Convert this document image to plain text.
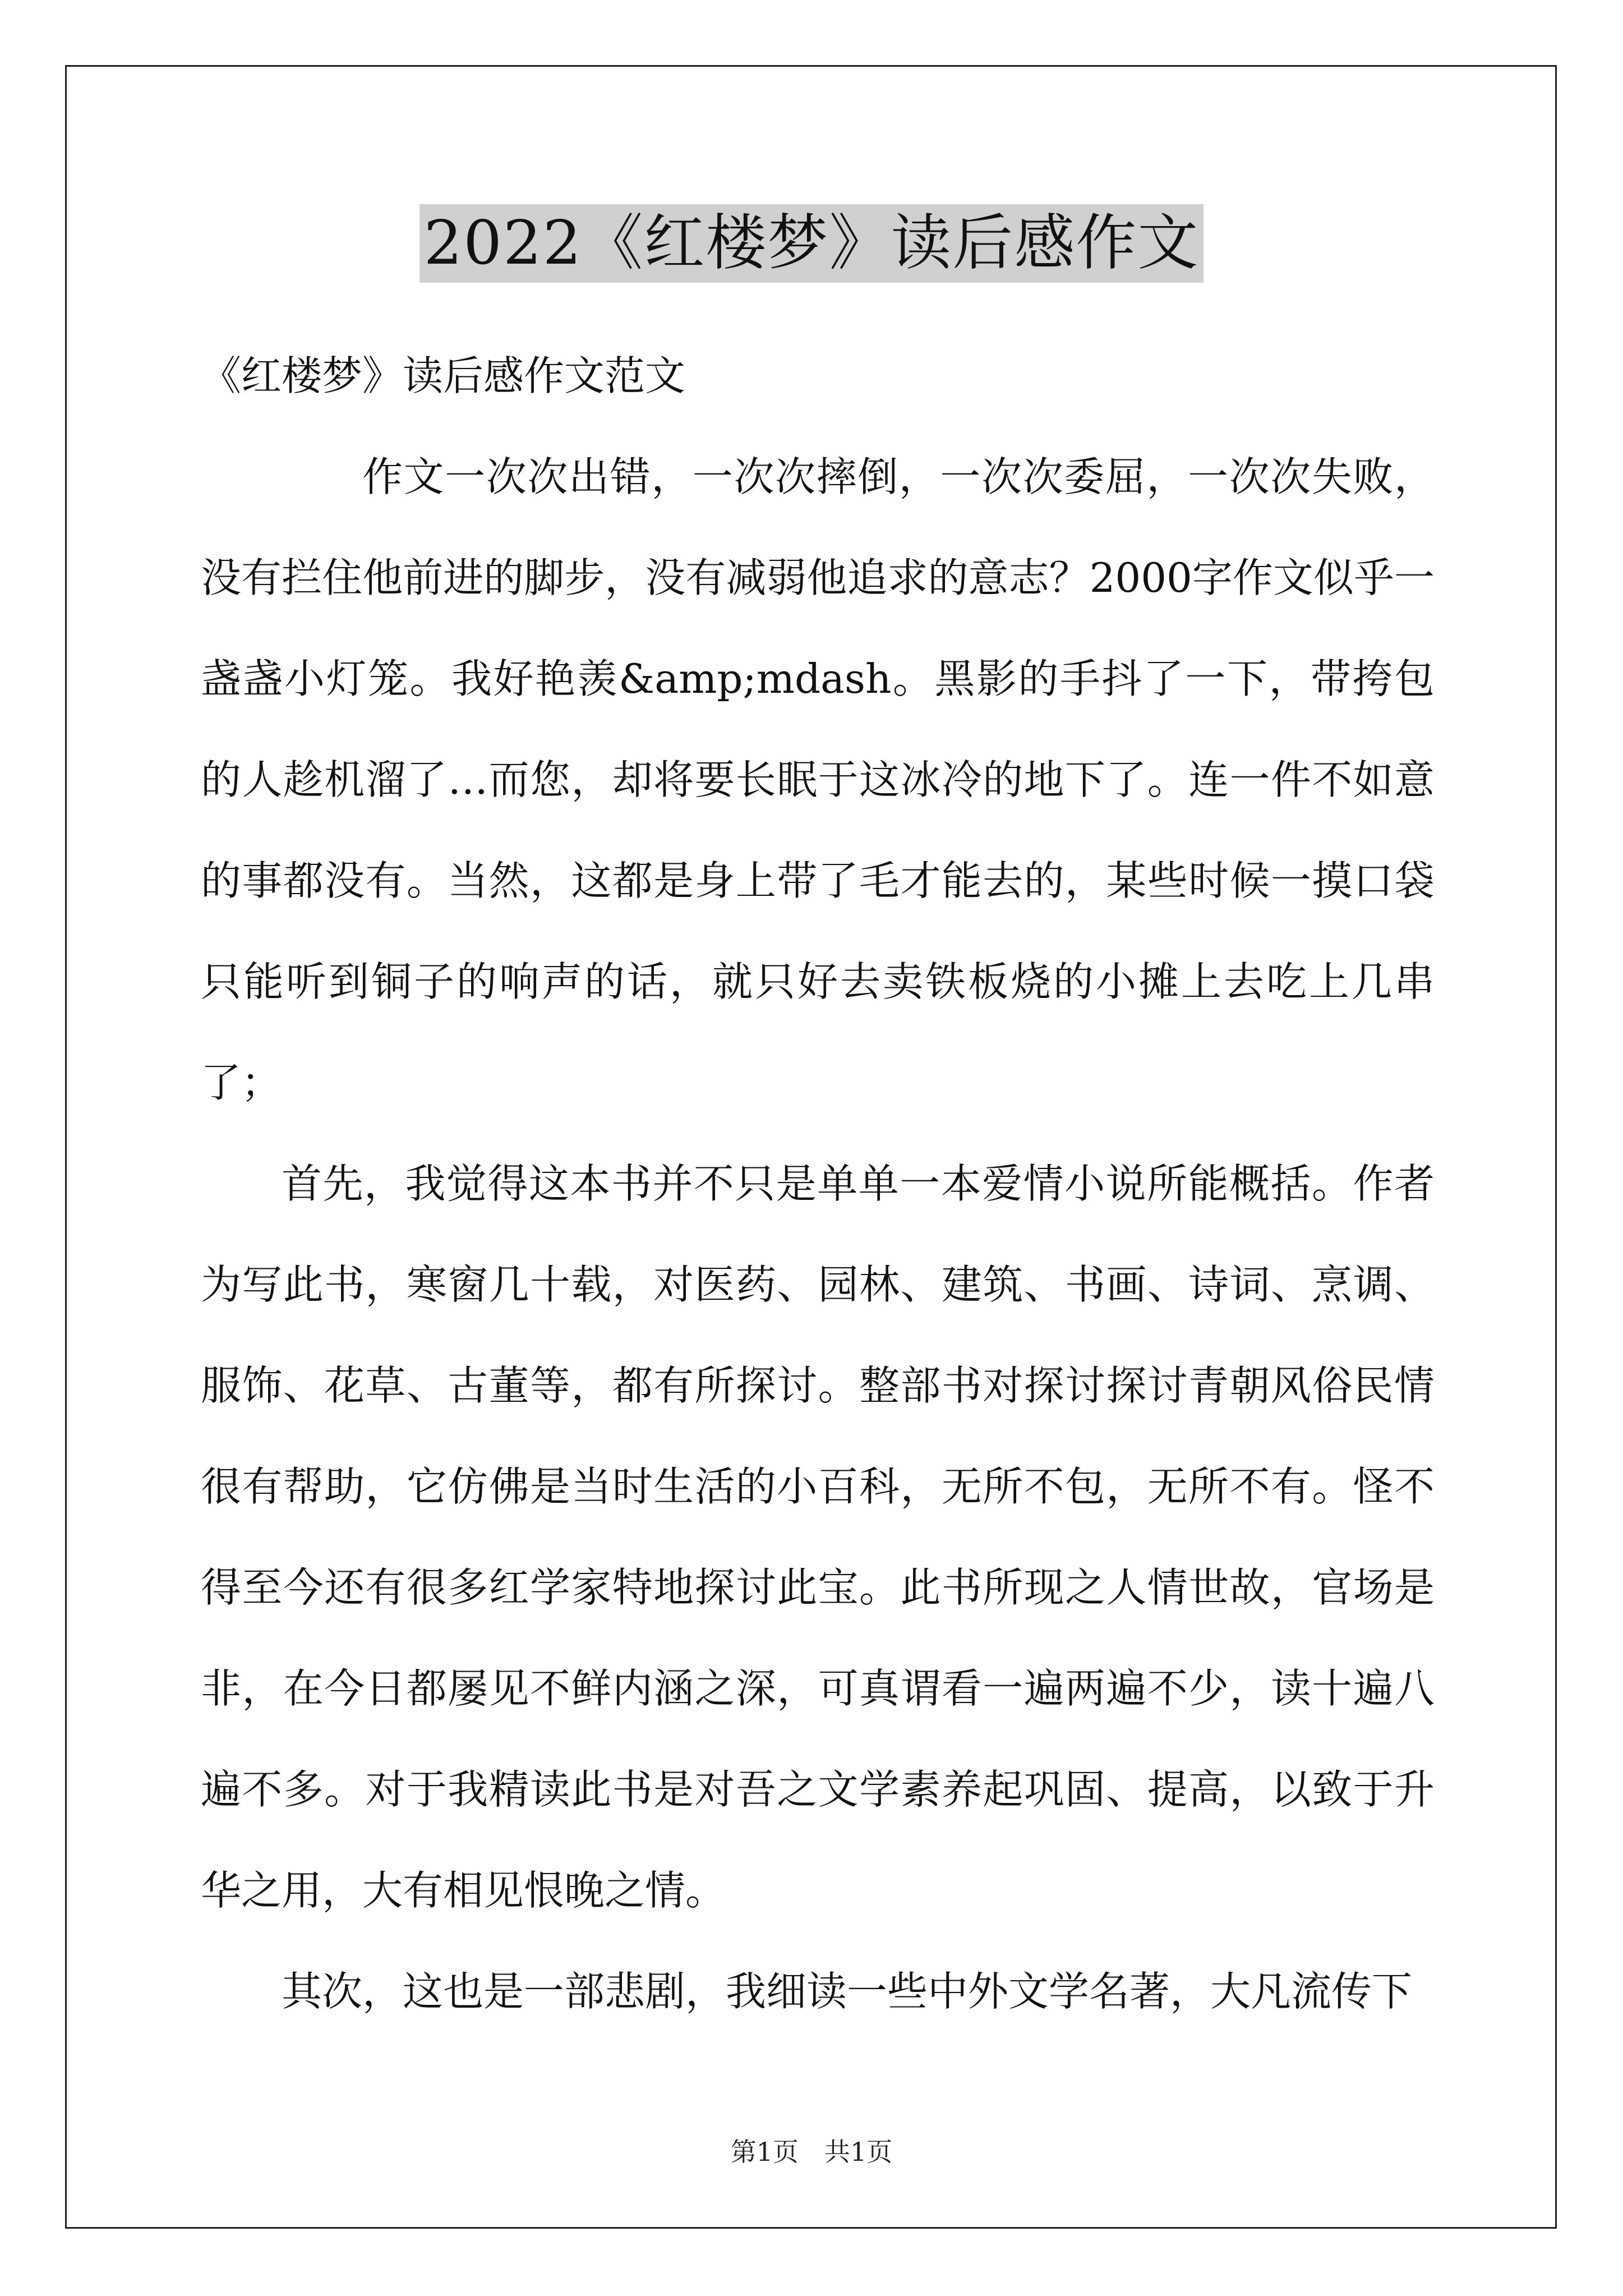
2022《红楼梦》读后感作文

《红楼梦》读后感作文范文

作文一次次出错，一次次摔倒，一次次委屈，一次次失败，没有拦住他前进的脚步，没有减弱他追求的意志？2000字作文似乎一盏盏小灯笼。我好艳羡&amp;mdash。黑影的手抖了一下，带挎包的人趁机溜了…而您，却将要长眠于这冰冷的地下了。连一件不如意的事都没有。当然，这都是身上带了毛才能去的，某些时候一摸口袋只能听到铜子的响声的话，就只好去卖铁板烧的小摊上去吃上几串了；

首先，我觉得这本书并不只是单单一本爱情小说所能概括。作者为写此书，寒窗几十载，对医药、园林、建筑、书画、诗词、烹调、服饰、花草、古董等，都有所探讨。整部书对探讨探讨青朝风俗民情很有帮助，它仿佛是当时生活的小百科，无所不包，无所不有。怪不得至今还有很多红学家特地探讨此宝。此书所现之人情世故，官场是非，在今日都屡见不鲜内涵之深，可真谓看一遍两遍不少，读十遍八遍不多。对于我精读此书是对吾之文学素养起巩固、提高，以致于升华之用，大有相见恨晚之情。

其次，这也是一部悲剧，我细读一些中外文学名著，大凡流传下

第1页　共1页
